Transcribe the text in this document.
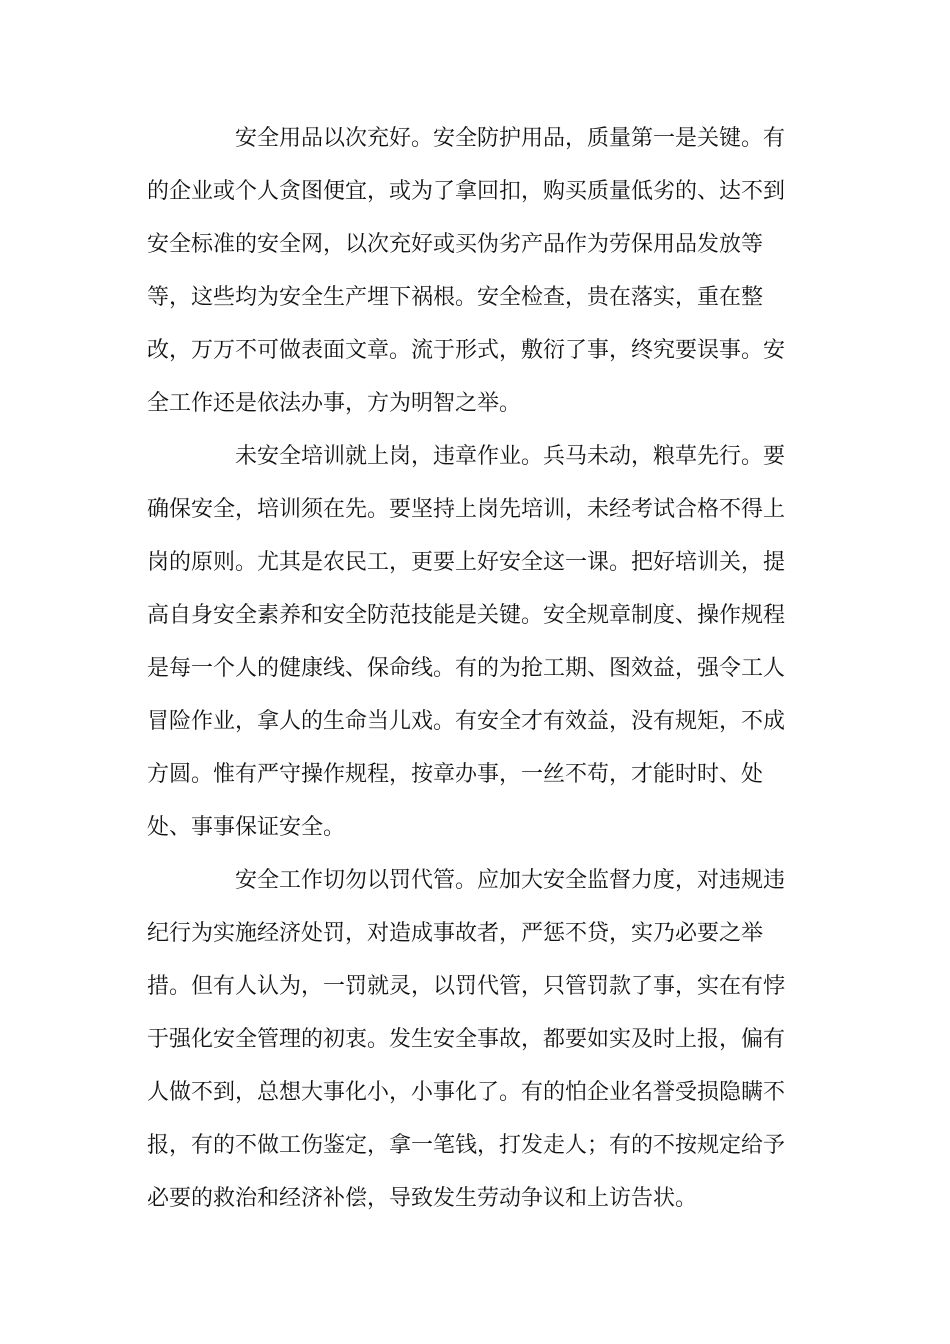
安全用品以次充好。安全防护用品，质量第一是关键。有
的企业或个人贪图便宜，或为了拿回扣，购买质量低劣的、达不到
安全标准的安全网，以次充好或买伪劣产品作为劳保用品发放等
等，这些均为安全生产埋下祸根。安全检查，贵在落实，重在整
改，万万不可做表面文章。流于形式，敷衍了事，终究要误事。安
全工作还是依法办事，方为明智之举。
未安全培训就上岗，违章作业。兵马未动，粮草先行。要
确保安全，培训须在先。要坚持上岗先培训，未经考试合格不得上
岗的原则。尤其是农民工，更要上好安全这一课。把好培训关，提
高自身安全素养和安全防范技能是关键。安全规章制度、操作规程
是每一个人的健康线、保命线。有的为抢工期、图效益，强令工人
冒险作业，拿人的生命当儿戏。有安全才有效益，没有规矩，不成
方圆。惟有严守操作规程，按章办事，一丝不苟，才能时时、处
处、事事保证安全。
安全工作切勿以罚代管。应加大安全监督力度，对违规违
纪行为实施经济处罚，对造成事故者，严惩不贷，实乃必要之举
措。但有人认为，一罚就灵，以罚代管，只管罚款了事，实在有悖
于强化安全管理的初衷。发生安全事故，都要如实及时上报，偏有
人做不到，总想大事化小，小事化了。有的怕企业名誉受损隐瞒不
报，有的不做工伤鉴定，拿一笔钱，打发走人；有的不按规定给予
必要的救治和经济补偿，导致发生劳动争议和上访告状。
